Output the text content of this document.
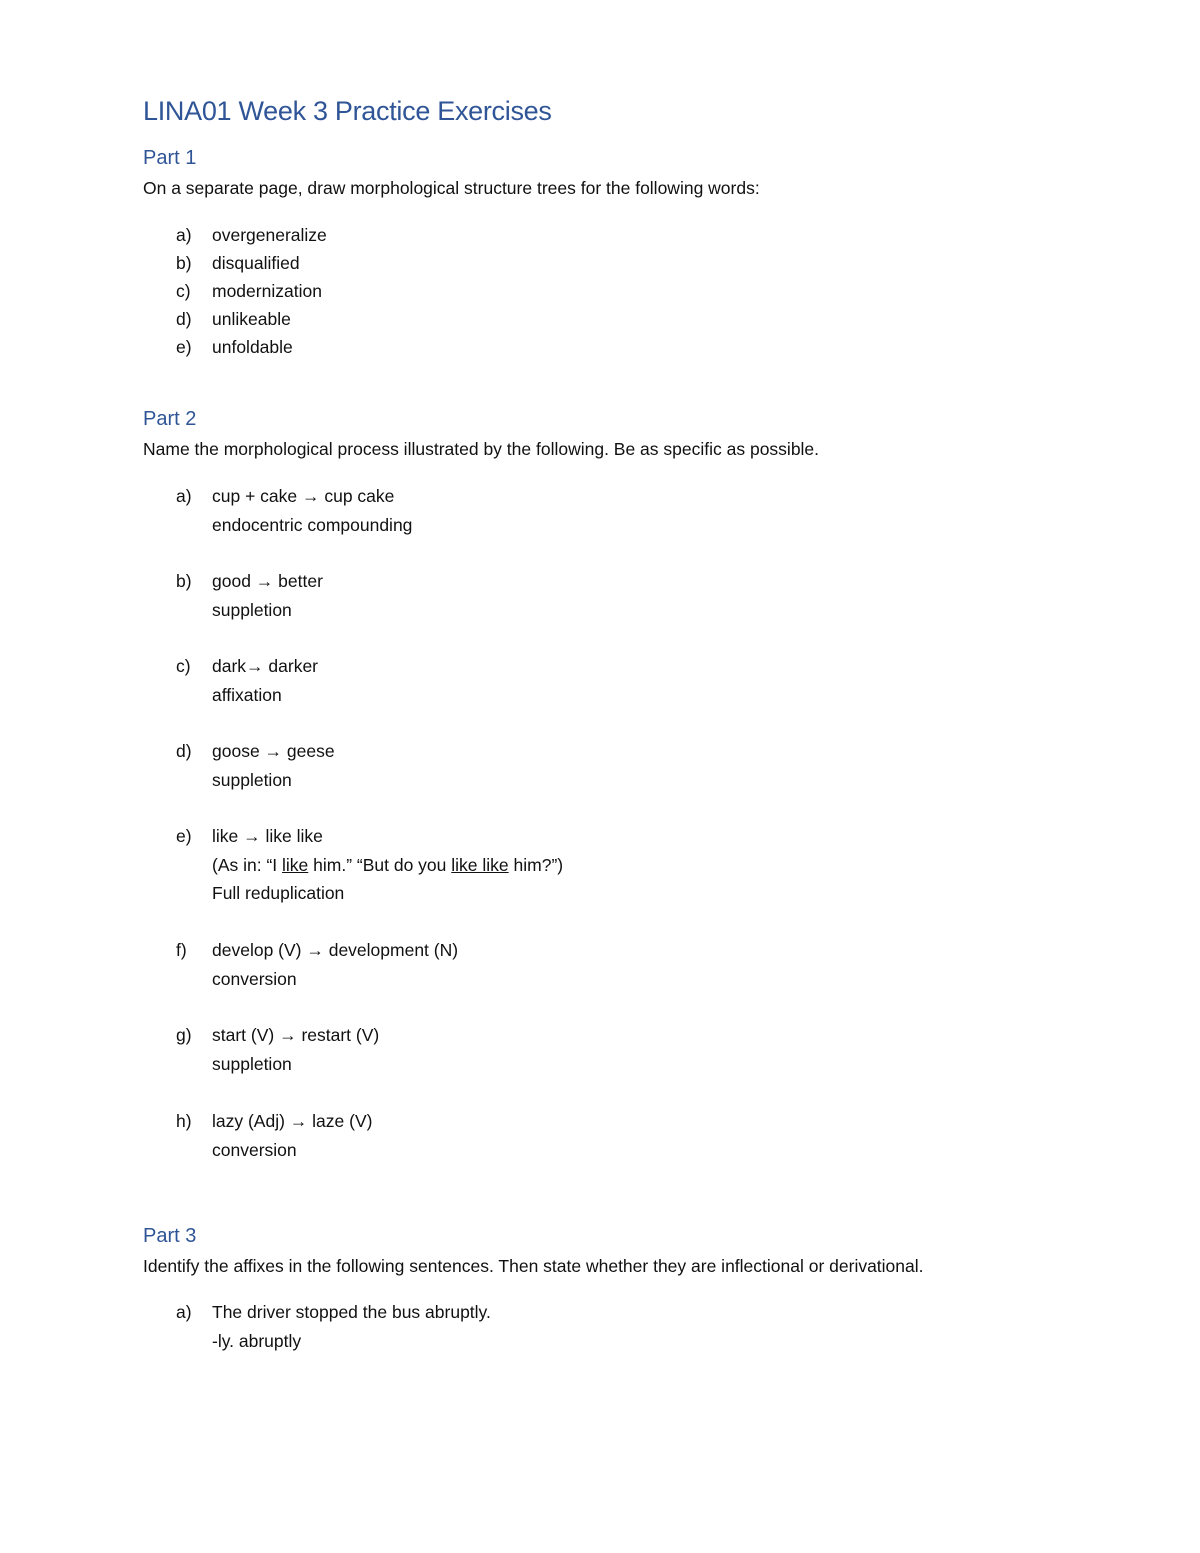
LINA01 Week 3 Practice Exercises
Part 1
On a separate page, draw morphological structure trees for the following words:
a) overgeneralize
b) disqualified
c) modernization
d) unlikeable
e) unfoldable
Part 2
Name the morphological process illustrated by the following. Be as specific as possible.
a) cup + cake → cup cake
endocentric compounding
b) good → better
suppletion
c) dark→ darker
affixation
d) goose → geese
suppletion
e) like → like like
(As in: “I like him.” “But do you like like him?”)
Full reduplication
f) develop (V) → development (N)
conversion
g) start (V) → restart (V)
suppletion
h) lazy (Adj) → laze (V)
conversion
Part 3
Identify the affixes in the following sentences. Then state whether they are inflectional or derivational.
a) The driver stopped the bus abruptly.
-ly. abruptly
